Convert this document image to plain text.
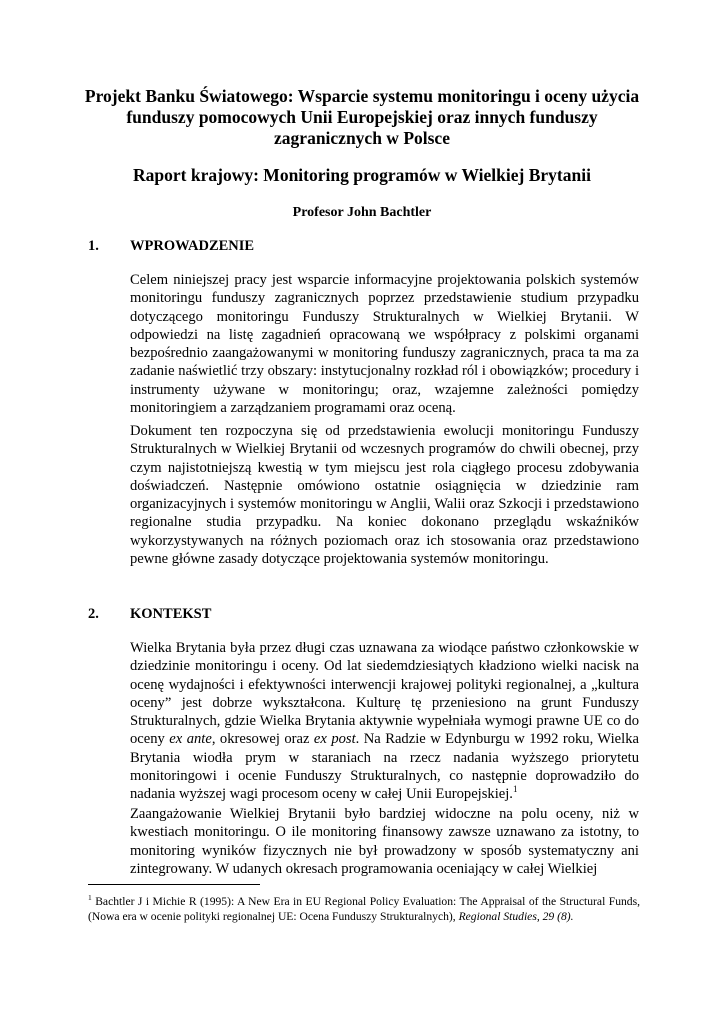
Projekt Banku Światowego: Wsparcie systemu monitoringu i oceny użycia funduszy pomocowych Unii Europejskiej oraz innych funduszy zagranicznych w Polsce
Raport krajowy: Monitoring programów w Wielkiej Brytanii

Profesor John Bachtler

1. WPROWADZENIE

Celem niniejszej pracy jest wsparcie informacyjne projektowania polskich systemów monitoringu funduszy zagranicznych poprzez przedstawienie studium przypadku dotyczącego monitoringu Funduszy Strukturalnych w Wielkiej Brytanii. W odpowiedzi na listę zagadnień opracowaną we współpracy z polskimi organami bezpośrednio zaangażowanymi w monitoring funduszy zagranicznych, praca ta ma za zadanie naświetlić trzy obszary: instytucjonalny rozkład ról i obowiązków; procedury i instrumenty używane w monitoringu; oraz, wzajemne zależności pomiędzy monitoringiem a zarządzaniem programami oraz oceną.

Dokument ten rozpoczyna się od przedstawienia ewolucji monitoringu Funduszy Strukturalnych w Wielkiej Brytanii od wczesnych programów do chwili obecnej, przy czym najistotniejszą kwestią w tym miejscu jest rola ciągłego procesu zdobywania doświadczeń. Następnie omówiono ostatnie osiągnięcia w dziedzinie ram organizacyjnych i systemów monitoringu w Anglii, Walii oraz Szkocji i przedstawiono regionalne studia przypadku. Na koniec dokonano przeglądu wskaźników wykorzystywanych na różnych poziomach oraz ich stosowania oraz przedstawiono pewne główne zasady dotyczące projektowania systemów monitoringu.

2. KONTEKST

Wielka Brytania była przez długi czas uznawana za wiodące państwo członkowskie w dziedzinie monitoringu i oceny. Od lat siedemdziesiątych kładziono wielki nacisk na ocenę wydajności i efektywności interwencji krajowej polityki regionalnej, a „kultura oceny” jest dobrze wykształcona. Kulturę tę przeniesiono na grunt Funduszy Strukturalnych, gdzie Wielka Brytania aktywnie wypełniała wymogi prawne UE co do oceny ex ante, okresowej oraz ex post. Na Radzie w Edynburgu w 1992 roku, Wielka Brytania wiodła prym w staraniach na rzecz nadania wyższego priorytetu monitoringowi i ocenie Funduszy Strukturalnych, co następnie doprowadziło do nadania wyższej wagi procesom oceny w całej Unii Europejskiej.$^1$

Zaangażowanie Wielkiej Brytanii było bardziej widoczne na polu oceny, niż w kwestiach monitoringu. O ile monitoring finansowy zawsze uznawano za istotny, to monitoring wyników fizycznych nie był prowadzony w sposób systematyczny ani zintegrowany. W udanych okresach programowania oceniający w całej Wielkiej

$^1$ Bachtler J i Michie R (1995): A New Era in EU Regional Policy Evaluation: The Appraisal of the Structural Funds, (Nowa era w ocenie polityki regionalnej UE: Ocena Funduszy Strukturalnych), Regional Studies, 29 (8).
